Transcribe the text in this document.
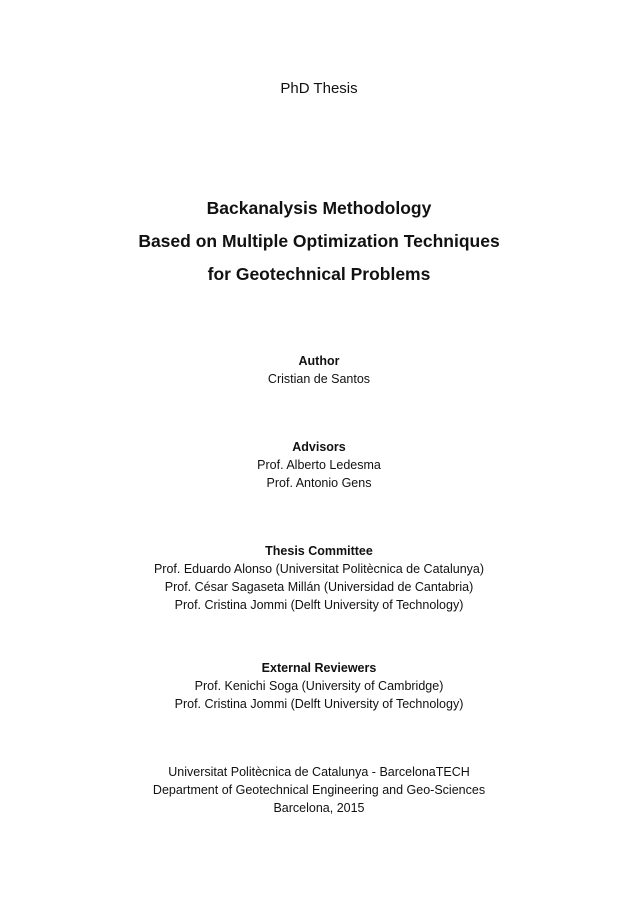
PhD Thesis
Backanalysis Methodology
Based on Multiple Optimization Techniques
for Geotechnical Problems
Author
Cristian de Santos
Advisors
Prof. Alberto Ledesma
Prof. Antonio Gens
Thesis Committee
Prof. Eduardo Alonso (Universitat Politècnica de Catalunya)
Prof. César Sagaseta Millán (Universidad de Cantabria)
Prof. Cristina Jommi (Delft University of Technology)
External Reviewers
Prof. Kenichi Soga (University of Cambridge)
Prof. Cristina Jommi (Delft University of Technology)
Universitat Politècnica de Catalunya - BarcelonaTECH
Department of Geotechnical Engineering and Geo-Sciences
Barcelona, 2015
